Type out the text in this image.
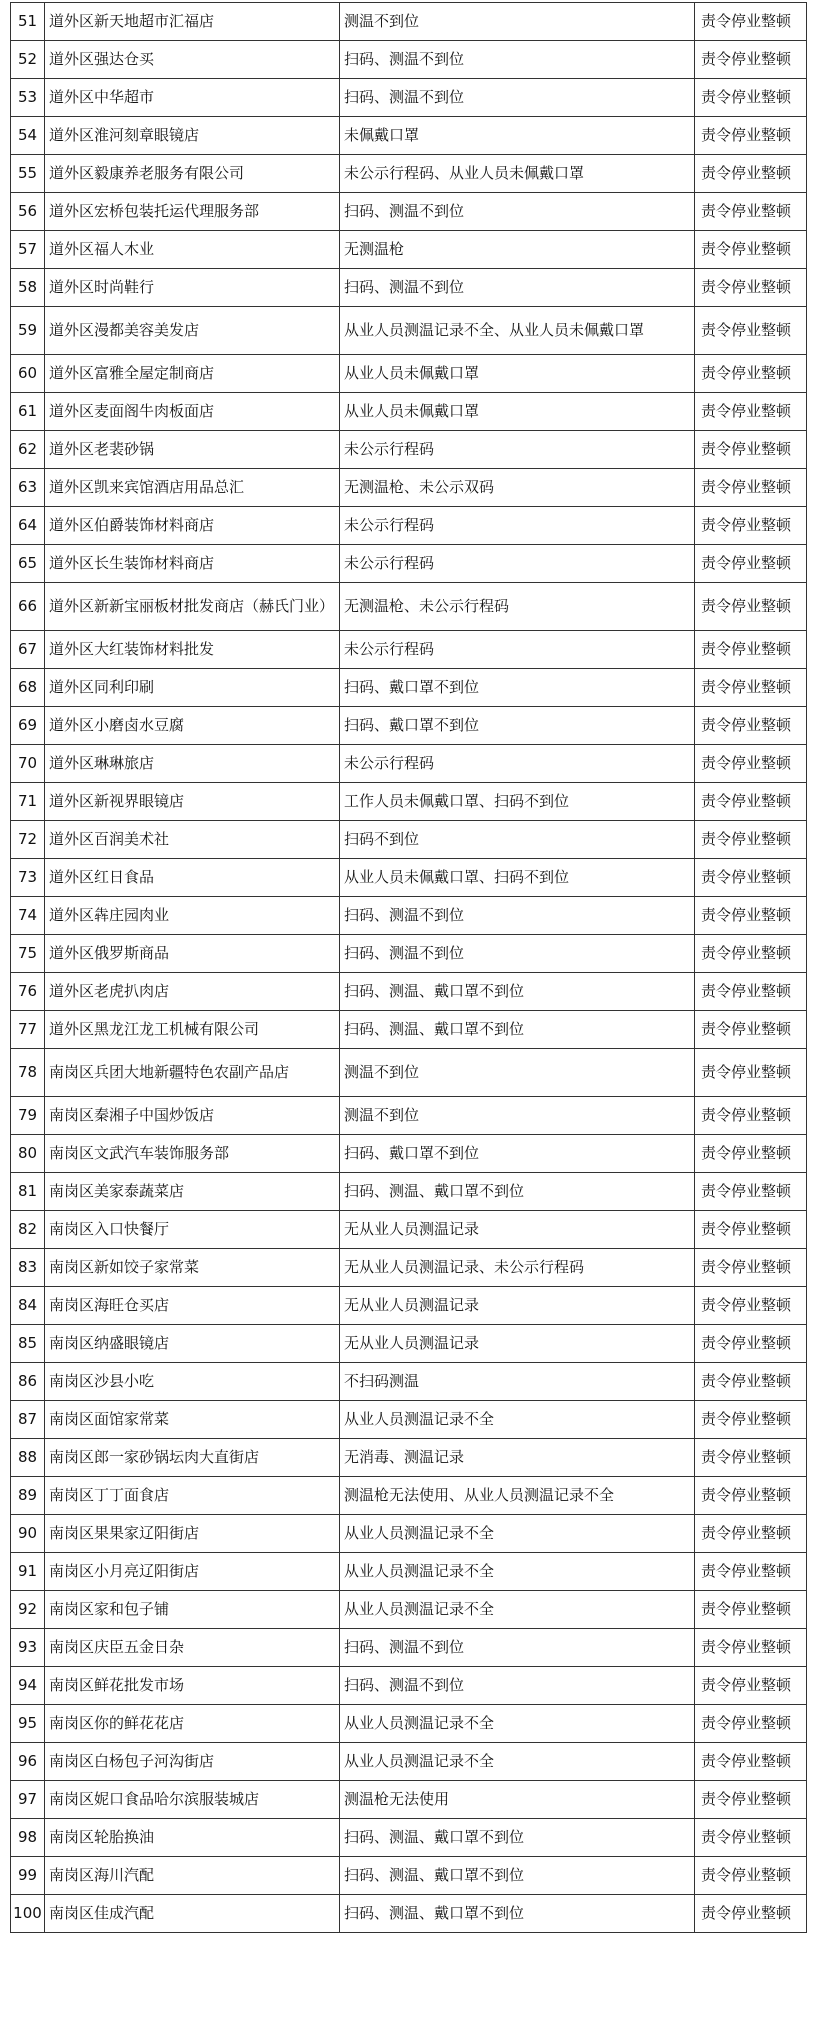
51	道外区新天地超市汇福店	测温不到位	责令停业整顿
52	道外区强达仓买	扫码、测温不到位	责令停业整顿
53	道外区中华超市	扫码、测温不到位	责令停业整顿
54	道外区淮河刻章眼镜店	未佩戴口罩	责令停业整顿
55	道外区毅康养老服务有限公司	未公示行程码、从业人员未佩戴口罩	责令停业整顿
56	道外区宏桥包装托运代理服务部	扫码、测温不到位	责令停业整顿
57	道外区福人木业	无测温枪	责令停业整顿
58	道外区时尚鞋行	扫码、测温不到位	责令停业整顿
59	道外区漫都美容美发店	从业人员测温记录不全、从业人员未佩戴口罩	责令停业整顿
60	道外区富雅全屋定制商店	从业人员未佩戴口罩	责令停业整顿
61	道外区麦面阁牛肉板面店	从业人员未佩戴口罩	责令停业整顿
62	道外区老裴砂锅	未公示行程码	责令停业整顿
63	道外区凯来宾馆酒店用品总汇	无测温枪、未公示双码	责令停业整顿
64	道外区伯爵装饰材料商店	未公示行程码	责令停业整顿
65	道外区长生装饰材料商店	未公示行程码	责令停业整顿
66	道外区新新宝丽板材批发商店（赫氏门业）	无测温枪、未公示行程码	责令停业整顿
67	道外区大红装饰材料批发	未公示行程码	责令停业整顿
68	道外区同利印刷	扫码、戴口罩不到位	责令停业整顿
69	道外区小磨卤水豆腐	扫码、戴口罩不到位	责令停业整顿
70	道外区琳琳旅店	未公示行程码	责令停业整顿
71	道外区新视界眼镜店	工作人员未佩戴口罩、扫码不到位	责令停业整顿
72	道外区百润美术社	扫码不到位	责令停业整顿
73	道外区红日食品	从业人员未佩戴口罩、扫码不到位	责令停业整顿
74	道外区犇庄园肉业	扫码、测温不到位	责令停业整顿
75	道外区俄罗斯商品	扫码、测温不到位	责令停业整顿
76	道外区老虎扒肉店	扫码、测温、戴口罩不到位	责令停业整顿
77	道外区黑龙江龙工机械有限公司	扫码、测温、戴口罩不到位	责令停业整顿
78	南岗区兵团大地新疆特色农副产品店	测温不到位	责令停业整顿
79	南岗区秦湘子中国炒饭店	测温不到位	责令停业整顿
80	南岗区文武汽车装饰服务部	扫码、戴口罩不到位	责令停业整顿
81	南岗区美家泰蔬菜店	扫码、测温、戴口罩不到位	责令停业整顿
82	南岗区入口快餐厅	无从业人员测温记录	责令停业整顿
83	南岗区新如饺子家常菜	无从业人员测温记录、未公示行程码	责令停业整顿
84	南岗区海旺仓买店	无从业人员测温记录	责令停业整顿
85	南岗区纳盛眼镜店	无从业人员测温记录	责令停业整顿
86	南岗区沙县小吃	不扫码测温	责令停业整顿
87	南岗区面馆家常菜	从业人员测温记录不全	责令停业整顿
88	南岗区郎一家砂锅坛肉大直街店	无消毒、测温记录	责令停业整顿
89	南岗区丁丁面食店	测温枪无法使用、从业人员测温记录不全	责令停业整顿
90	南岗区果果家辽阳街店	从业人员测温记录不全	责令停业整顿
91	南岗区小月亮辽阳街店	从业人员测温记录不全	责令停业整顿
92	南岗区家和包子铺	从业人员测温记录不全	责令停业整顿
93	南岗区庆臣五金日杂	扫码、测温不到位	责令停业整顿
94	南岗区鲜花批发市场	扫码、测温不到位	责令停业整顿
95	南岗区你的鲜花花店	从业人员测温记录不全	责令停业整顿
96	南岗区白杨包子河沟街店	从业人员测温记录不全	责令停业整顿
97	南岗区妮口食品哈尔滨服装城店	测温枪无法使用	责令停业整顿
98	南岗区轮胎换油	扫码、测温、戴口罩不到位	责令停业整顿
99	南岗区海川汽配	扫码、测温、戴口罩不到位	责令停业整顿
100	南岗区佳成汽配	扫码、测温、戴口罩不到位	责令停业整顿
